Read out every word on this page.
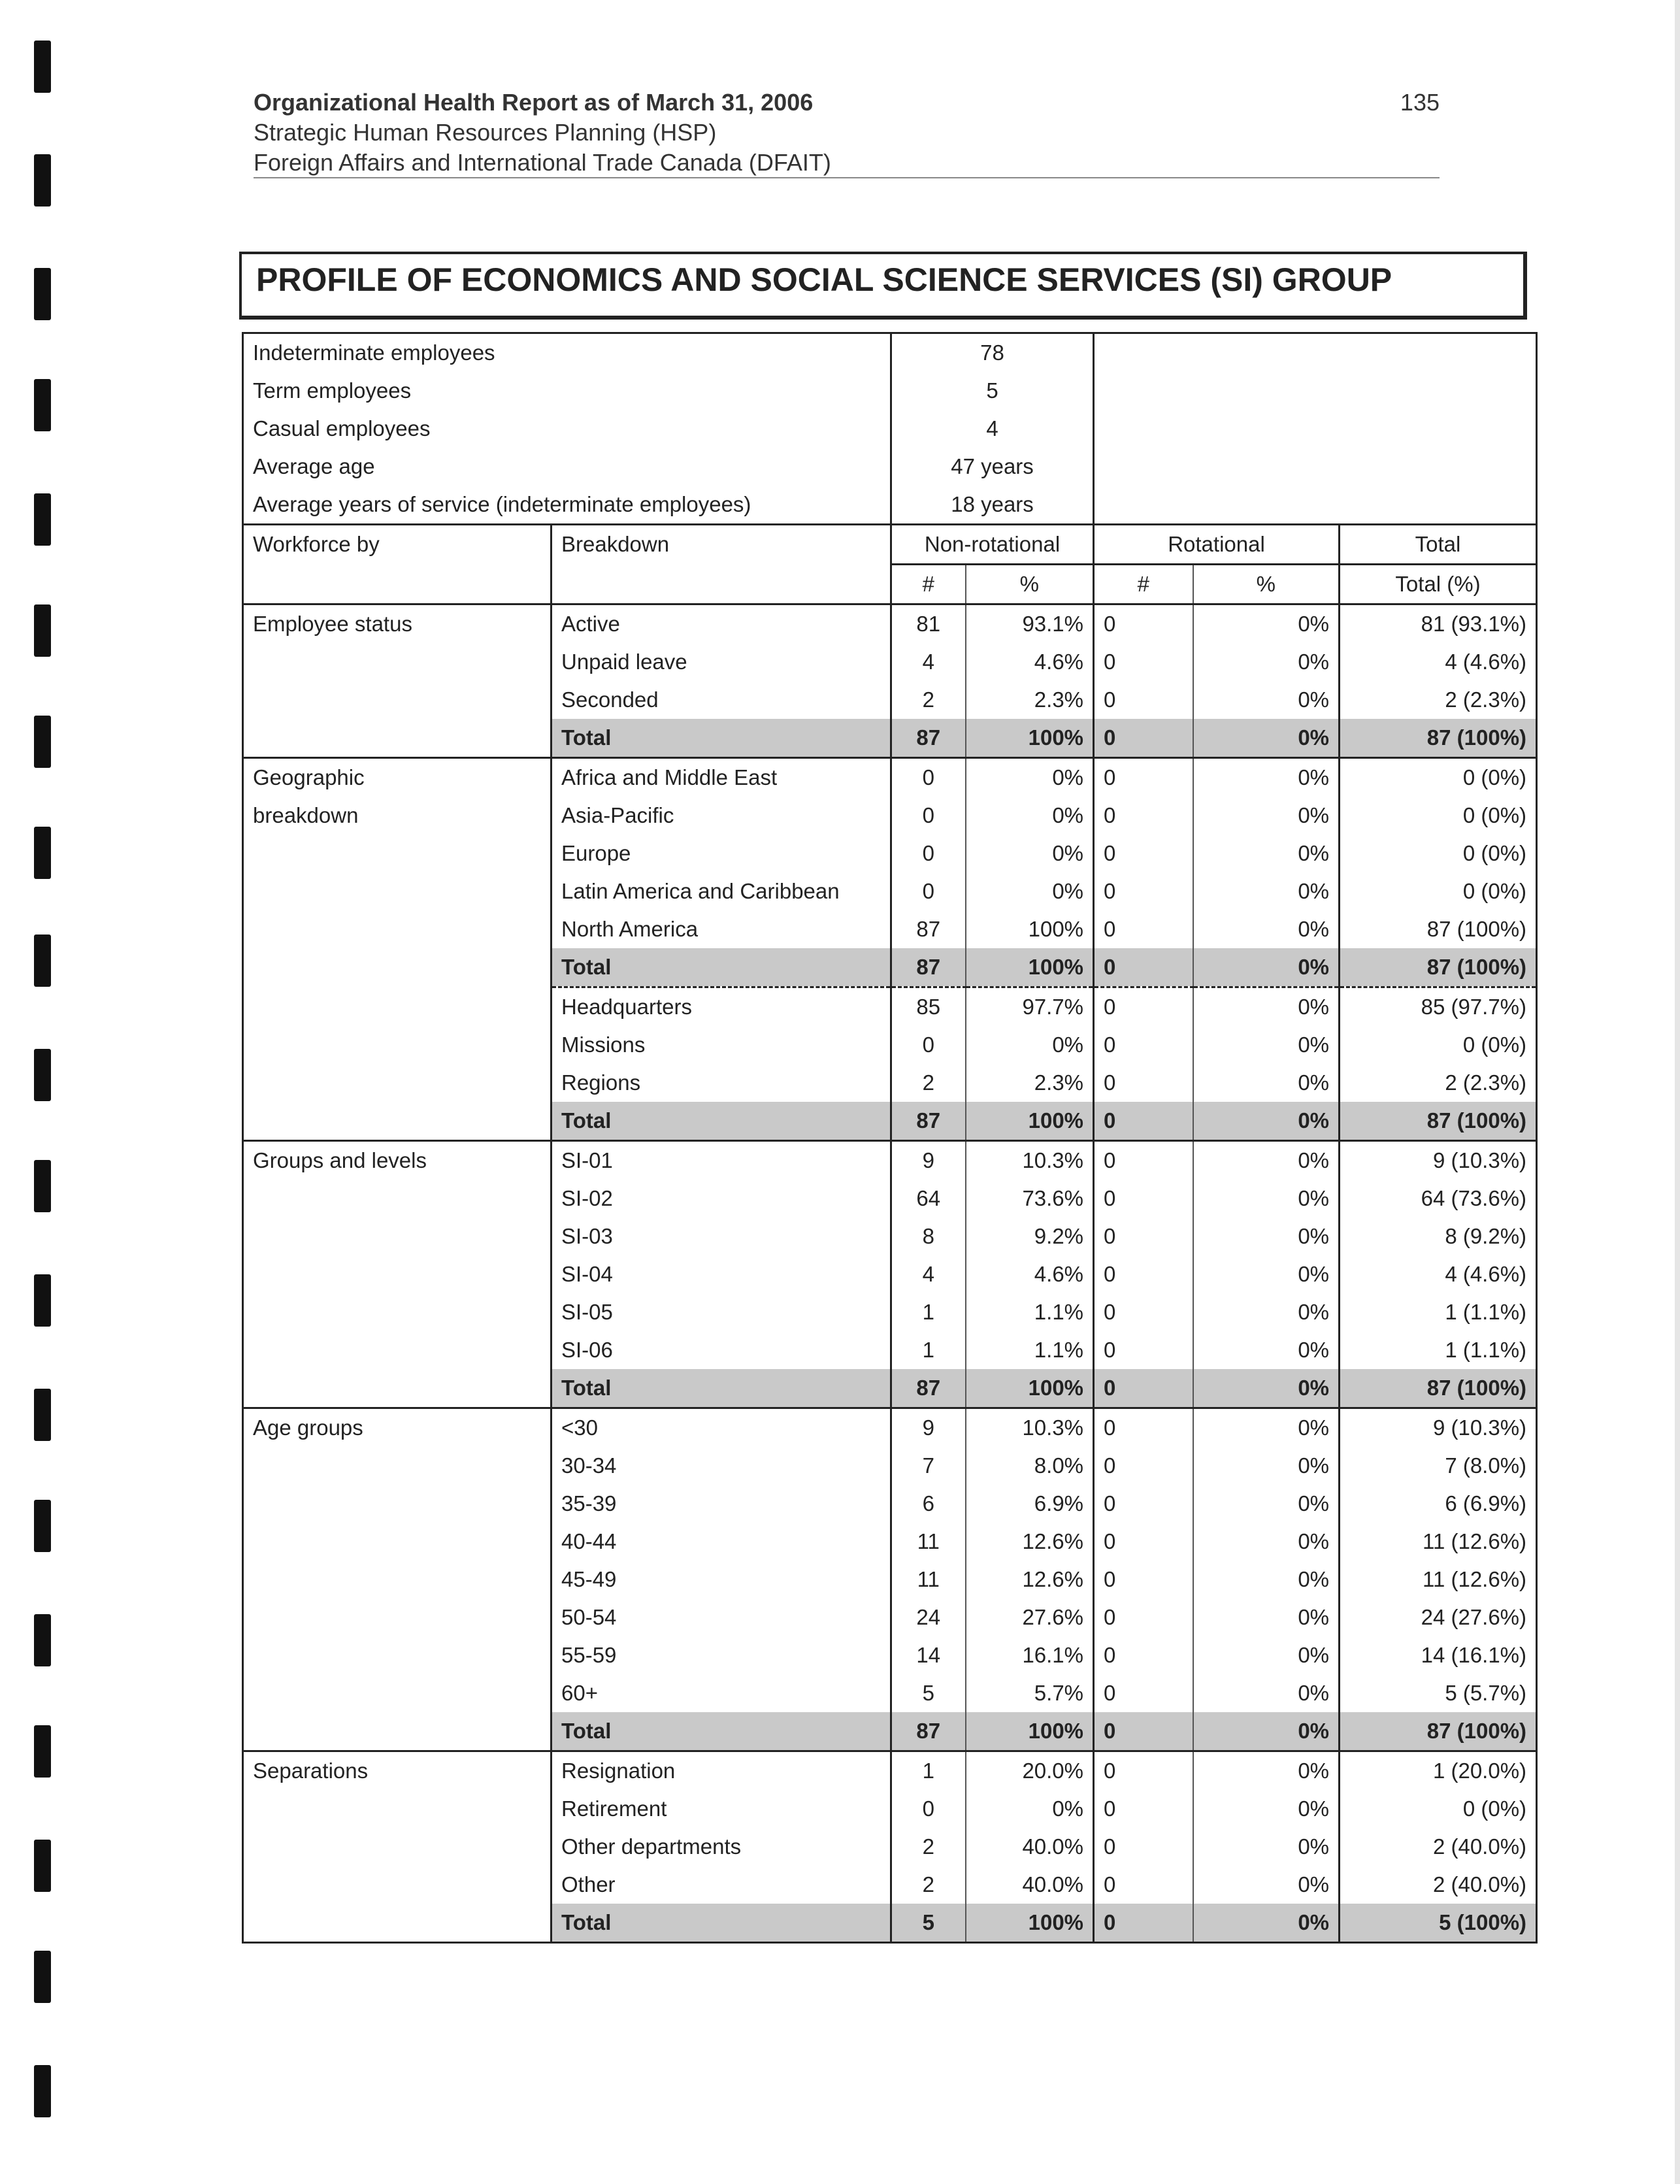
Organizational Health Report as of March 31, 2006
Strategic Human Resources Planning (HSP)
Foreign Affairs and International Trade Canada (DFAIT)
135
PROFILE OF ECONOMICS AND SOCIAL SCIENCE SERVICES (SI) GROUP
Indeterminate employees		78				
Term employees		5				
Casual employees		4				
Average age		47 years				
Average years of service (indeterminate employees)		18 years				
Workforce by	Breakdown	Non-rotational		Rotational		Total
		#	%	#	%	Total (%)
Employee status	Active	81	93.1%	0	0%	81 (93.1%)
	Unpaid leave	4	4.6%	0	0%	4 (4.6%)
	Seconded	2	2.3%	0	0%	2 (2.3%)
	Total	87	100%	0	0%	87 (100%)
Geographic	Africa and Middle East	0	0%	0	0%	0 (0%)
breakdown	Asia-Pacific	0	0%	0	0%	0 (0%)
	Europe	0	0%	0	0%	0 (0%)
	Latin America and Caribbean	0	0%	0	0%	0 (0%)
	North America	87	100%	0	0%	87 (100%)
	Total	87	100%	0	0%	87 (100%)
	Headquarters	85	97.7%	0	0%	85 (97.7%)
	Missions	0	0%	0	0%	0 (0%)
	Regions	2	2.3%	0	0%	2 (2.3%)
	Total	87	100%	0	0%	87 (100%)
Groups and levels	SI-01	9	10.3%	0	0%	9 (10.3%)
	SI-02	64	73.6%	0	0%	64 (73.6%)
	SI-03	8	9.2%	0	0%	8 (9.2%)
	SI-04	4	4.6%	0	0%	4 (4.6%)
	SI-05	1	1.1%	0	0%	1 (1.1%)
	SI-06	1	1.1%	0	0%	1 (1.1%)
	Total	87	100%	0	0%	87 (100%)
Age groups	<30	9	10.3%	0	0%	9 (10.3%)
	30-34	7	8.0%	0	0%	7 (8.0%)
	35-39	6	6.9%	0	0%	6 (6.9%)
	40-44	11	12.6%	0	0%	11 (12.6%)
	45-49	11	12.6%	0	0%	11 (12.6%)
	50-54	24	27.6%	0	0%	24 (27.6%)
	55-59	14	16.1%	0	0%	14 (16.1%)
	60+	5	5.7%	0	0%	5 (5.7%)
	Total	87	100%	0	0%	87 (100%)
Separations	Resignation	1	20.0%	0	0%	1 (20.0%)
	Retirement	0	0%	0	0%	0 (0%)
	Other departments	2	40.0%	0	0%	2 (40.0%)
	Other	2	40.0%	0	0%	2 (40.0%)
	Total	5	100%	0	0%	5 (100%)
